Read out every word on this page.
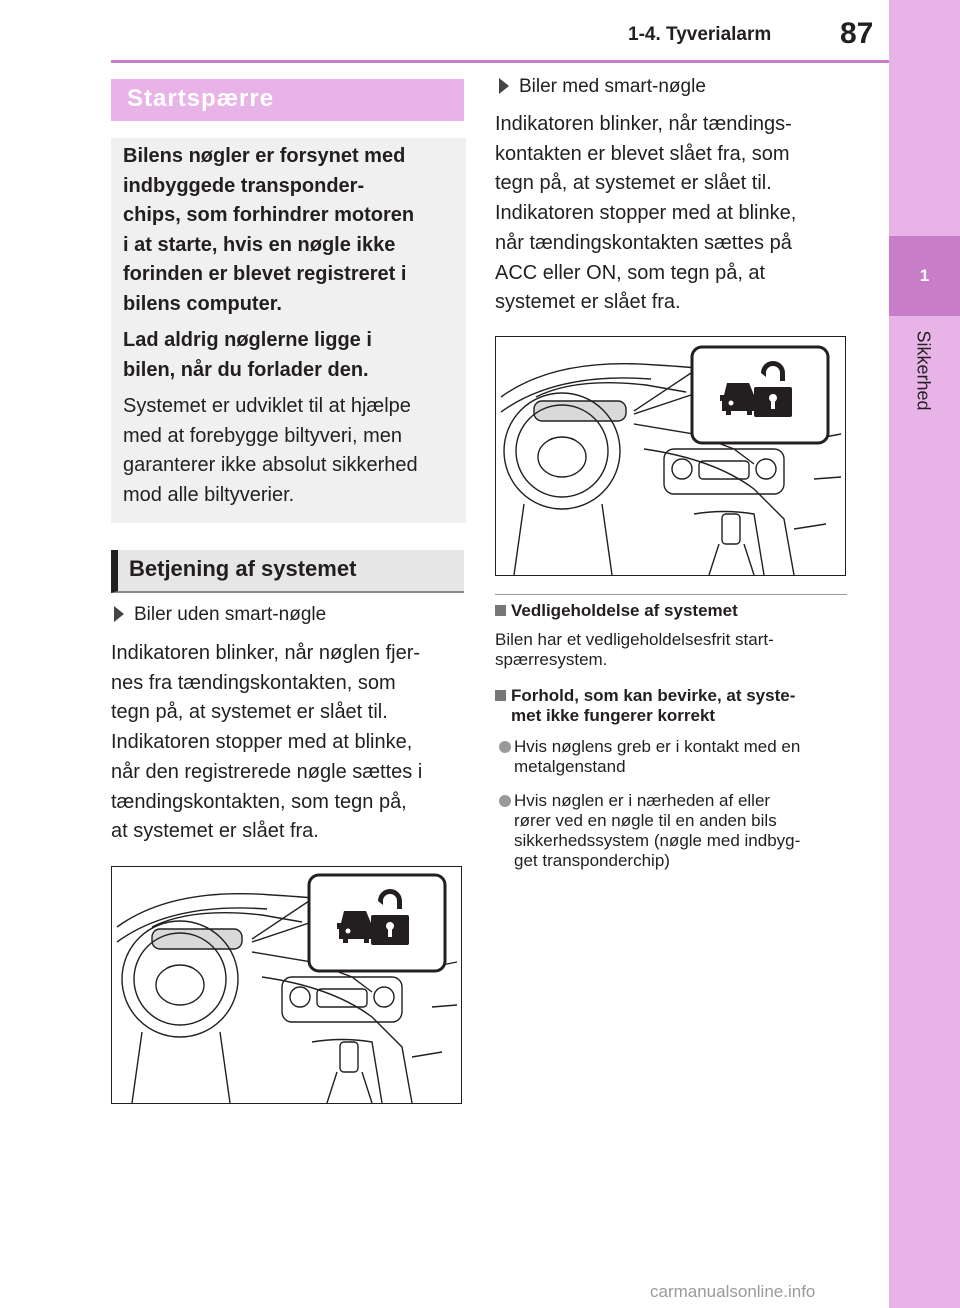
1
Sikkerhed
1-4. Tyverialarm 87
Startspærre

Bilens nøgler er forsynet med
indbyggede transponder-
chips, som forhindrer motoren
i at starte, hvis en nøgle ikke
forinden er blevet registreret i
bilens computer.

Lad aldrig nøglerne ligge i
bilen, når du forlader den.

Systemet er udviklet til at hjælpe
med at forebygge biltyveri, men
garanterer ikke absolut sikkerhed
mod alle biltyverier.

Betjening af systemet
Biler uden smart-nøgle
Indikatoren blinker, når nøglen fjer-
nes fra tændingskontakten, som
tegn på, at systemet er slået til.
Indikatoren stopper med at blinke,
når den registrerede nøgle sættes i
tændingskontakten, som tegn på,
at systemet er slået fra.
Biler med smart-nøgle
Indikatoren blinker, når tændings-
kontakten er blevet slået fra, som
tegn på, at systemet er slået til.
Indikatoren stopper med at blinke,
når tændingskontakten sættes på
ACC eller ON, som tegn på, at
systemet er slået fra.
Vedligeholdelse af systemet
Bilen har et vedligeholdelsesfrit start-
spærresystem.
Forhold, som kan bevirke, at syste-
met ikke fungerer korrekt
Hvis nøglens greb er i kontakt med en
metalgenstand
Hvis nøglen er i nærheden af eller
rører ved en nøgle til en anden bils
sikkerhedssystem (nøgle med indbyg-
get transponderchip)
carmanualsonline.info
